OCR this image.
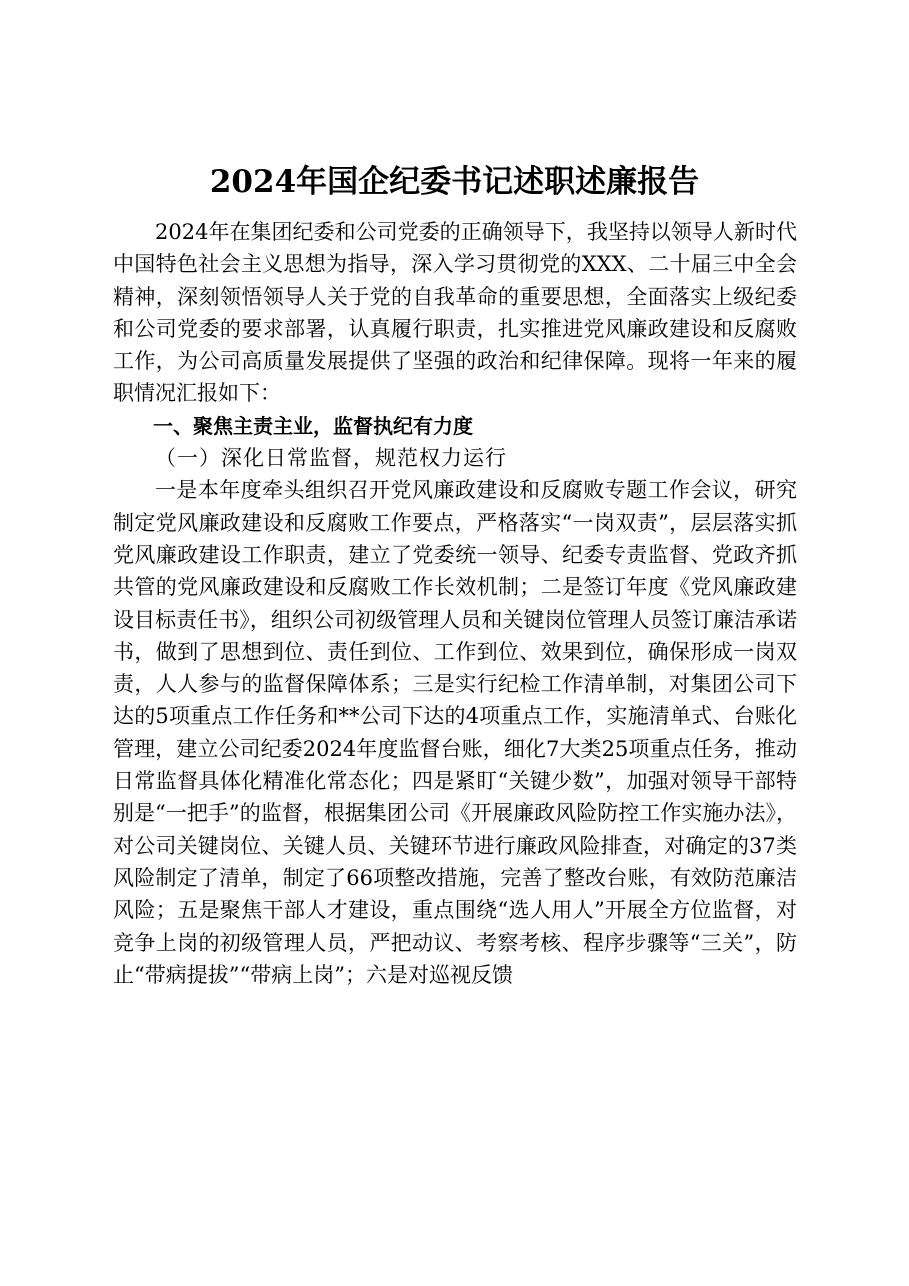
2024年国企纪委书记述职述廉报告

2024年在集团纪委和公司党委的正确领导下，我坚持以领导人新时代中国特色社会主义思想为指导，深入学习贯彻党的XXX、二十届三中全会精神，深刻领悟领导人关于党的自我革命的重要思想，全面落实上级纪委和公司党委的要求部署，认真履行职责，扎实推进党风廉政建设和反腐败工作，为公司高质量发展提供了坚强的政治和纪律保障。现将一年来的履职情况汇报如下：

一、聚焦主责主业，监督执纪有力度

（一）深化日常监督，规范权力运行

一是本年度牵头组织召开党风廉政建设和反腐败专题工作会议，研究制定党风廉政建设和反腐败工作要点，严格落实“一岗双责”，层层落实抓党风廉政建设工作职责，建立了党委统一领导、纪委专责监督、党政齐抓共管的党风廉政建设和反腐败工作长效机制；二是签订年度《党风廉政建设目标责任书》，组织公司初级管理人员和关键岗位管理人员签订廉洁承诺书，做到了思想到位、责任到位、工作到位、效果到位，确保形成一岗双责，人人参与的监督保障体系；三是实行纪检工作清单制，对集团公司下达的5项重点工作任务和**公司下达的4项重点工作，实施清单式、台账化管理，建立公司纪委2024年度监督台账，细化7大类25项重点任务，推动日常监督具体化精准化常态化；四是紧盯“关键少数”，加强对领导干部特别是“一把手”的监督，根据集团公司《开展廉政风险防控工作实施办法》，对公司关键岗位、关键人员、关键环节进行廉政风险排查，对确定的37类风险制定了清单，制定了66项整改措施，完善了整改台账，有效防范廉洁风险；五是聚焦干部人才建设，重点围绕“选人用人”开展全方位监督，对竞争上岗的初级管理人员，严把动议、考察考核、程序步骤等“三关”，防止“带病提拔”“带病上岗”；六是对巡视反馈
